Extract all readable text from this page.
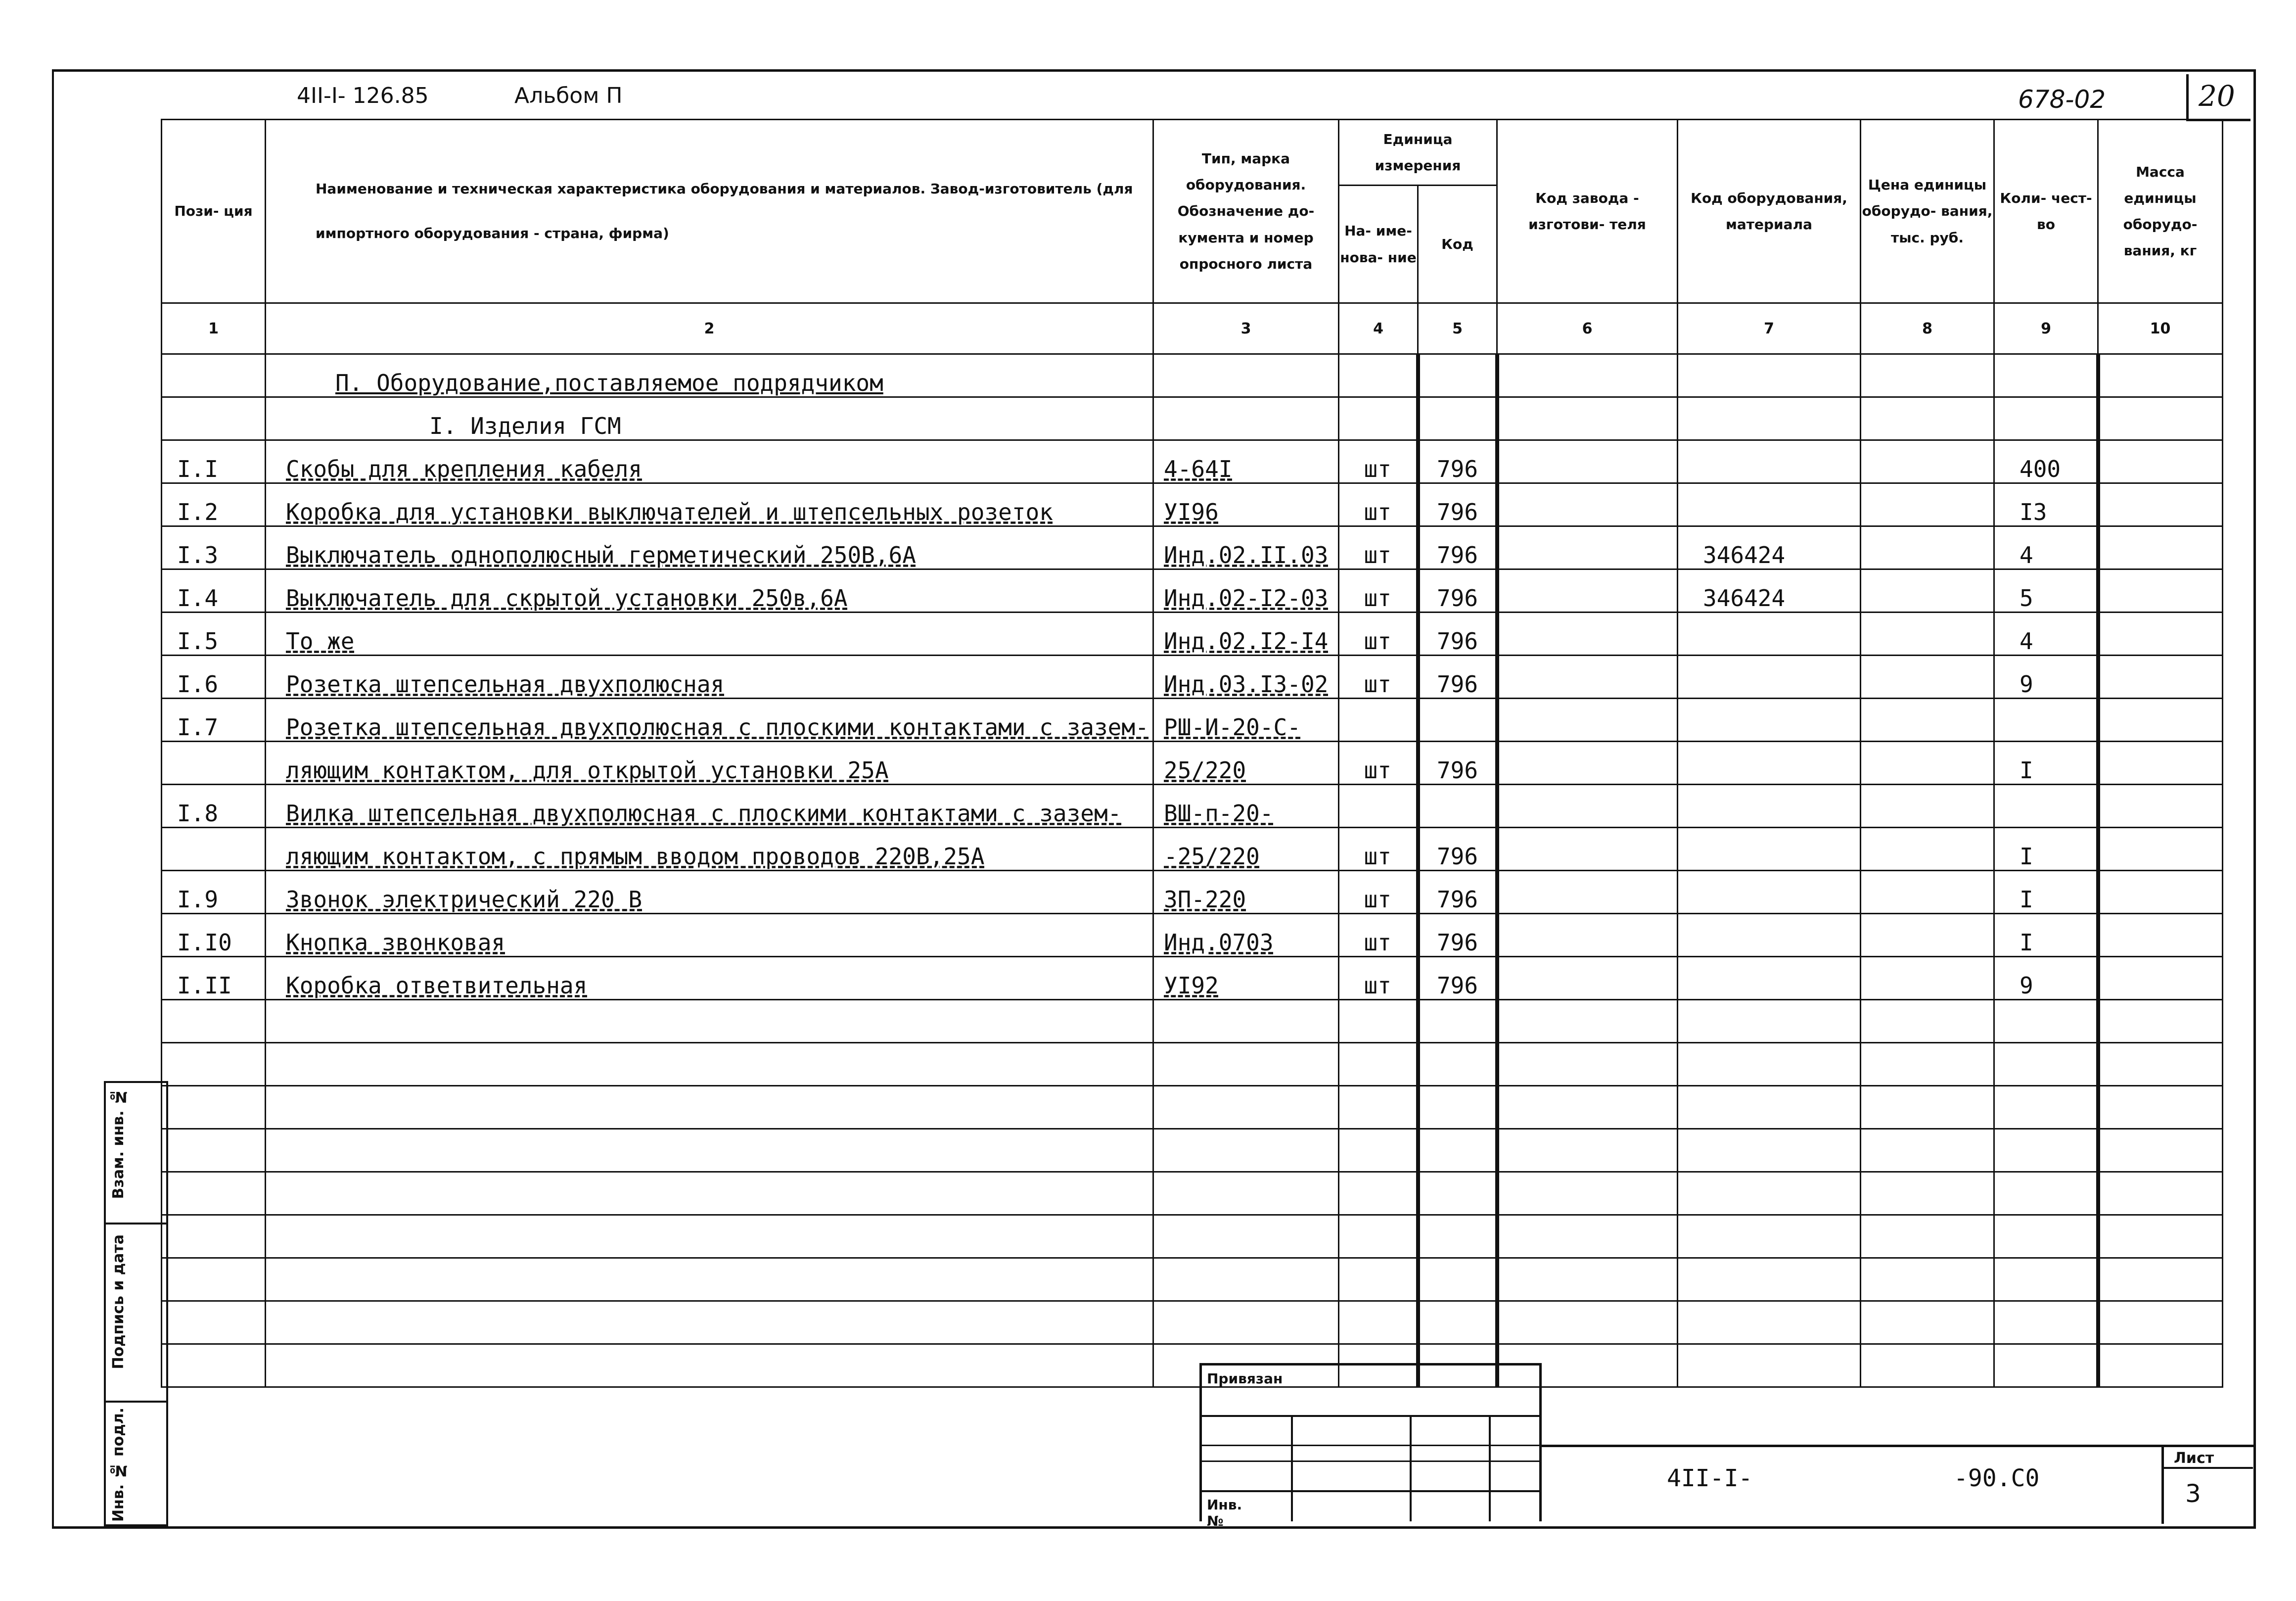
4II-I- 126.85	Альбом П	678-02	20
Пози- ция	Наименование и техническая характеристика оборудования и материалов. Завод-изготовитель (для импортного оборудования - страна, фирма)	Тип, марка оборудования. Обозначение до- кумента и номер опросного листа	Единица измерения		Код завода - изготови- теля	Код оборудования, материала	Цена единицы оборудо- вания, тыс. руб.	Коли- чест- во	Масса единицы оборудо- вания, кг
			На- име- нова- ние	Код					
1	2	3	4	5	6	7	8	9	10
	П. Оборудование,поставляемое подрядчиком								
	I. Изделия ГСМ								
I.I	Скобы для крепления кабеля	4-64I	шт	796				400	
I.2	Коробка для установки выключателей и штепсельных розеток	УI96	шт	796				I3	
I.3	Выключатель однополюсный герметический 250В,6А	Инд.02.II.03	шт	796		346424		4	
I.4	Выключатель для скрытой установки 250в,6А	Инд.02-I2-03	шт	796		346424		5	
I.5	То же	Инд.02.I2-I4	шт	796				4	
I.6	Розетка штепсельная двухполюсная	Инд.03.I3-02	шт	796				9	
I.7	Розетка штепсельная двухполюсная с плоскими контактами с зазем-	РШ-И-20-С-							
	ляющим контактом, для открытой установки 25А	25/220	шт	796				I	
I.8	Вилка штепсельная двухполюсная с плоскими контактами с зазем-	ВШ-п-20-							
	ляющим контактом, с прямым вводом проводов 220В,25А	-25/220	шт	796				I	
I.9	Звонок электрический 220 В	ЗП-220	шт	796				I	
I.I0	Кнопка звонковая	Инд.0703	шт	796				I	
I.II	Коробка ответвительная	УI92	шт	796				9	

Взам. инв. №
Подпись и дата
Инв. № подл.
Привязан
Инв. №
4II-I-	-90.C0
Лист
3
